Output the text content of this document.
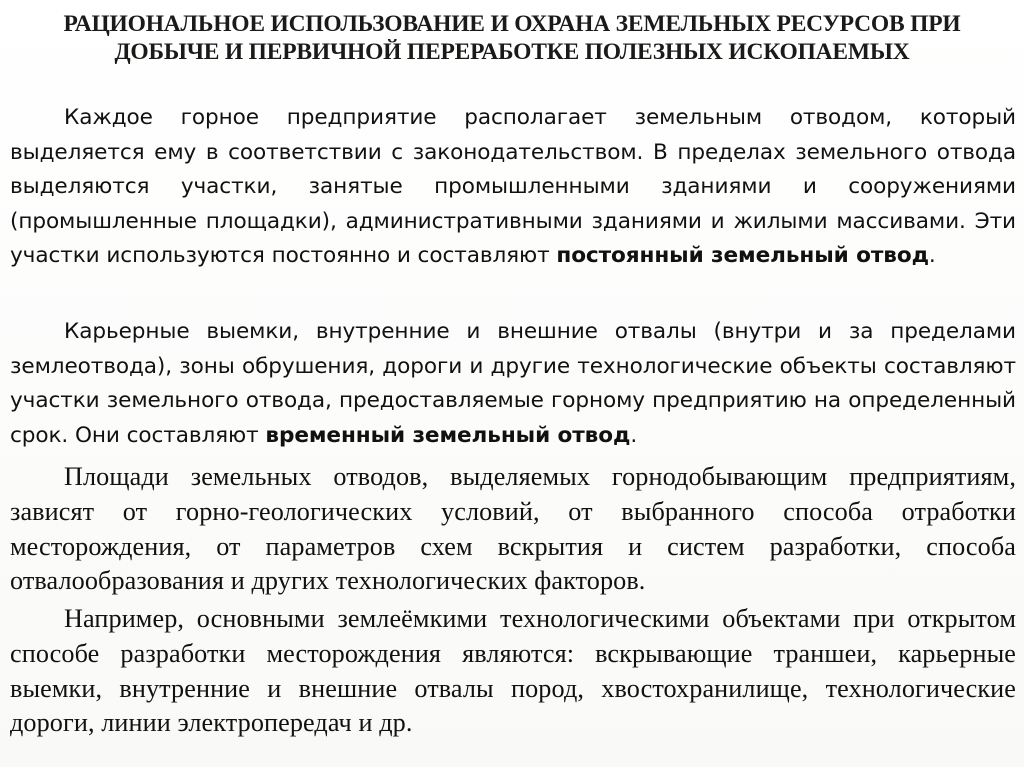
РАЦИОНАЛЬНОЕ ИСПОЛЬЗОВАНИЕ И ОХРАНА ЗЕМЕЛЬНЫХ РЕСУРСОВ ПРИ ДОБЫЧЕ И ПЕРВИЧНОЙ ПЕРЕРАБОТКЕ ПОЛЕЗНЫХ ИСКОПАЕМЫХ

Каждое горное предприятие располагает земельным отводом, который выделяется ему в соответствии с законодательством. В пределах земельного отвода выделяются участки, занятые промышленными зданиями и сооружениями (промышленные площадки), административными зданиями и жилыми массивами. Эти участки используются постоянно и составляют постоянный земельный отвод.

Карьерные выемки, внутренние и внешние отвалы (внутри и за пределами землеотвода), зоны обрушения, дороги и другие технологические объекты составляют участки земельного отвода, предоставляемые горному предприятию на определенный срок. Они составляют временный земельный отвод.

Площади земельных отводов, выделяемых горнодобывающим предприятиям, зависят от горно-геологических условий, от выбранного способа отработки месторождения, от параметров схем вскрытия и систем разработки, способа отвалообразования и других технологических факторов.

Например, основными землеёмкими технологическими объектами при открытом способе разработки месторождения являются: вскрывающие траншеи, карьерные выемки, внутренние и внешние отвалы пород, хвостохранилище, технологические дороги, линии электропередач и др.
